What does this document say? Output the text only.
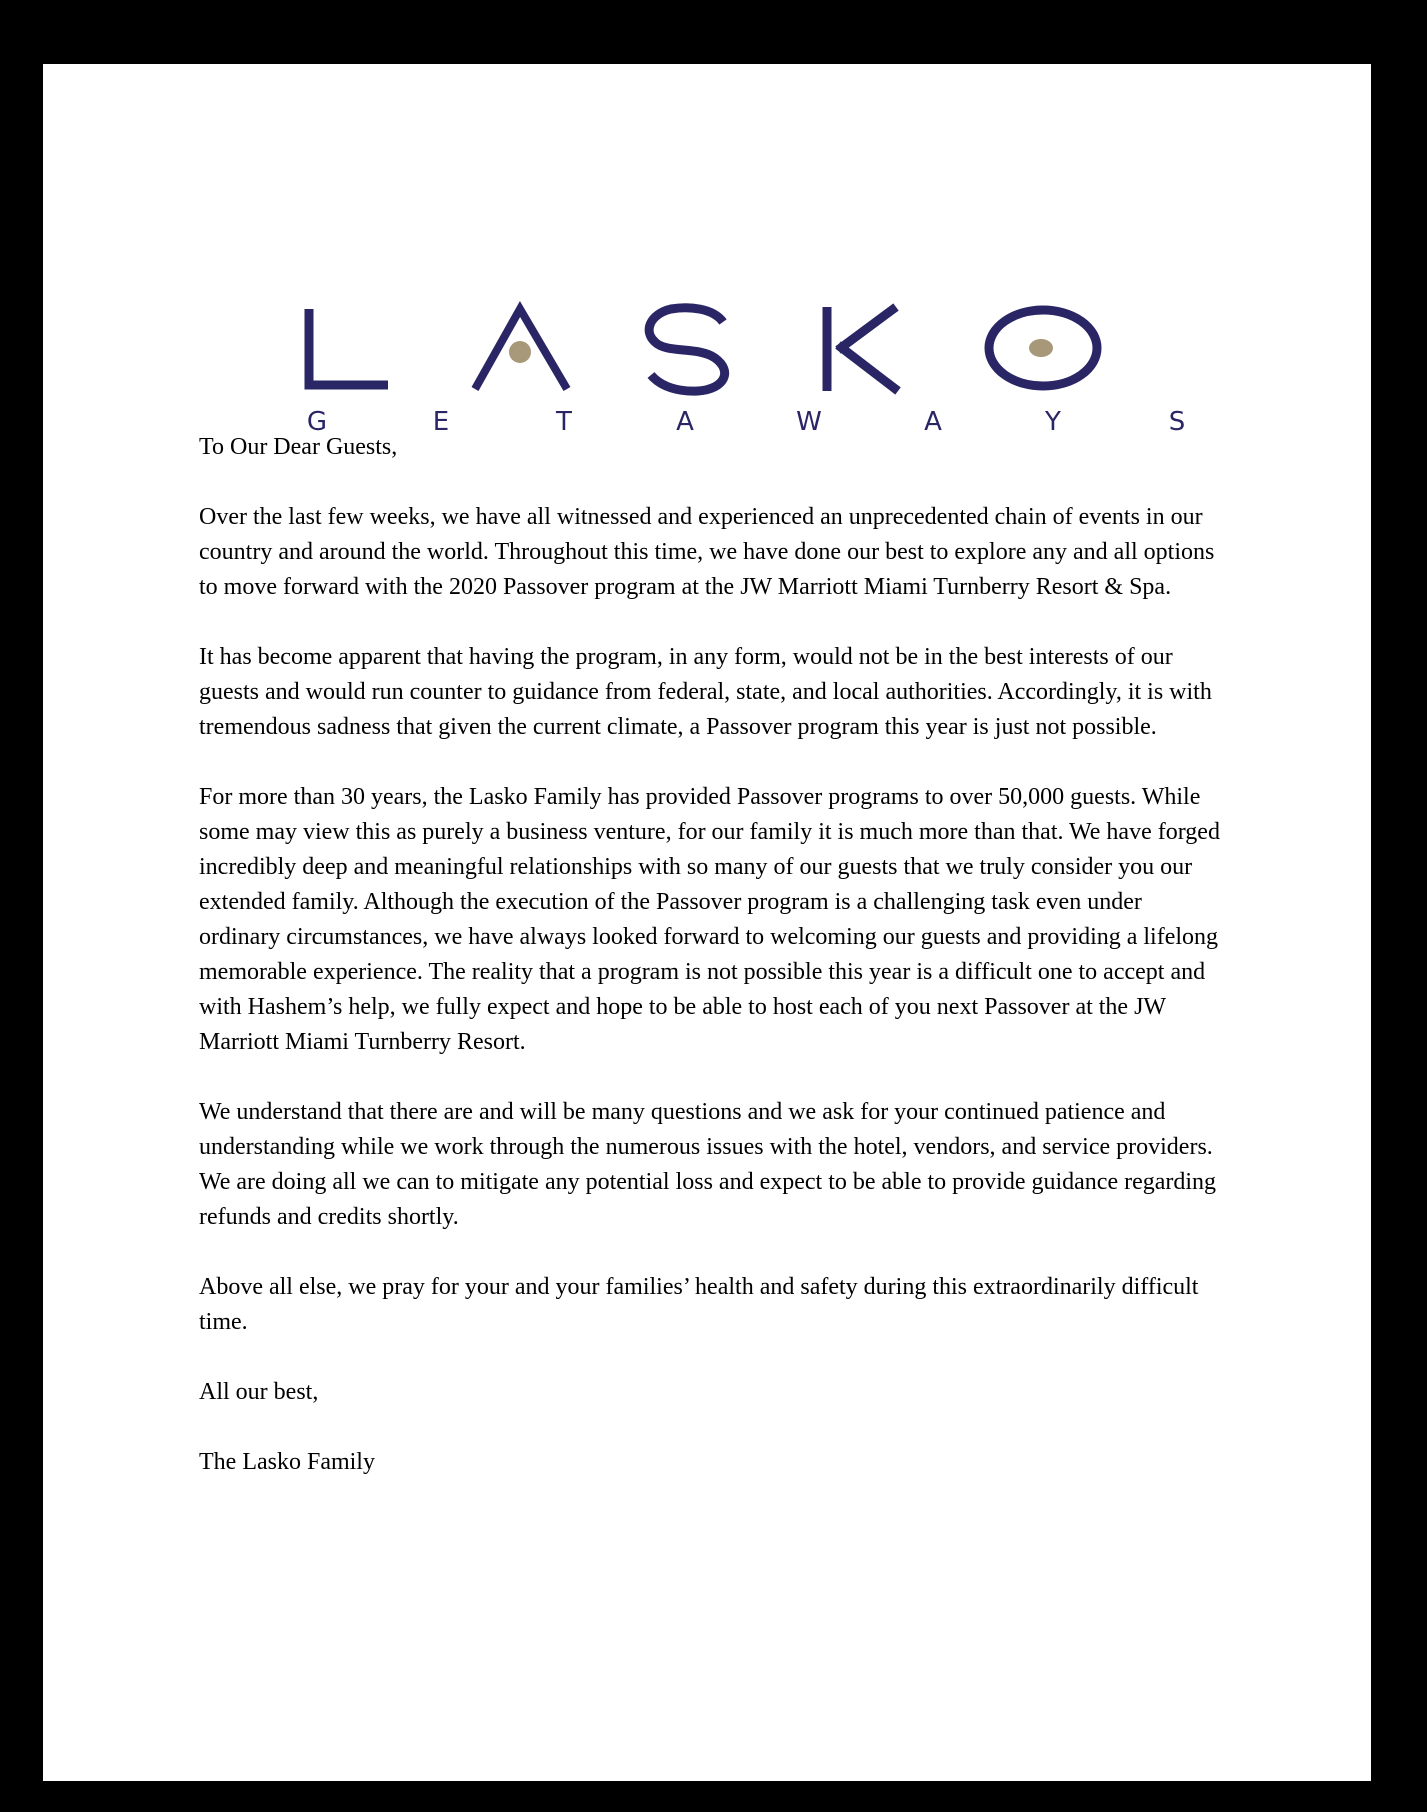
G	E	T	A	W	A	Y	S

To Our Dear Guests,

Over the last few weeks, we have all witnessed and experienced an unprecedented chain of events in our country and around the world. Throughout this time, we have done our best to explore any and all options to move forward with the 2020 Passover program at the JW Marriott Miami Turnberry Resort & Spa.

It has become apparent that having the program, in any form, would not be in the best interests of our guests and would run counter to guidance from federal, state, and local authorities. Accordingly, it is with tremendous sadness that given the current climate, a Passover program this year is just not possible.

For more than 30 years, the Lasko Family has provided Passover programs to over 50,000 guests. While some may view this as purely a business venture, for our family it is much more than that. We have forged incredibly deep and meaningful relationships with so many of our guests that we truly consider you our extended family. Although the execution of the Passover program is a challenging task even under ordinary circumstances, we have always looked forward to welcoming our guests and providing a lifelong memorable experience. The reality that a program is not possible this year is a difficult one to accept and with Hashem’s help, we fully expect and hope to be able to host each of you next Passover at the JW Marriott Miami Turnberry Resort.

We understand that there are and will be many questions and we ask for your continued patience and understanding while we work through the numerous issues with the hotel, vendors, and service providers. We are doing all we can to mitigate any potential loss and expect to be able to provide guidance regarding refunds and credits shortly.

Above all else, we pray for your and your families’ health and safety during this extraordinarily difficult time.

All our best,

The Lasko Family
